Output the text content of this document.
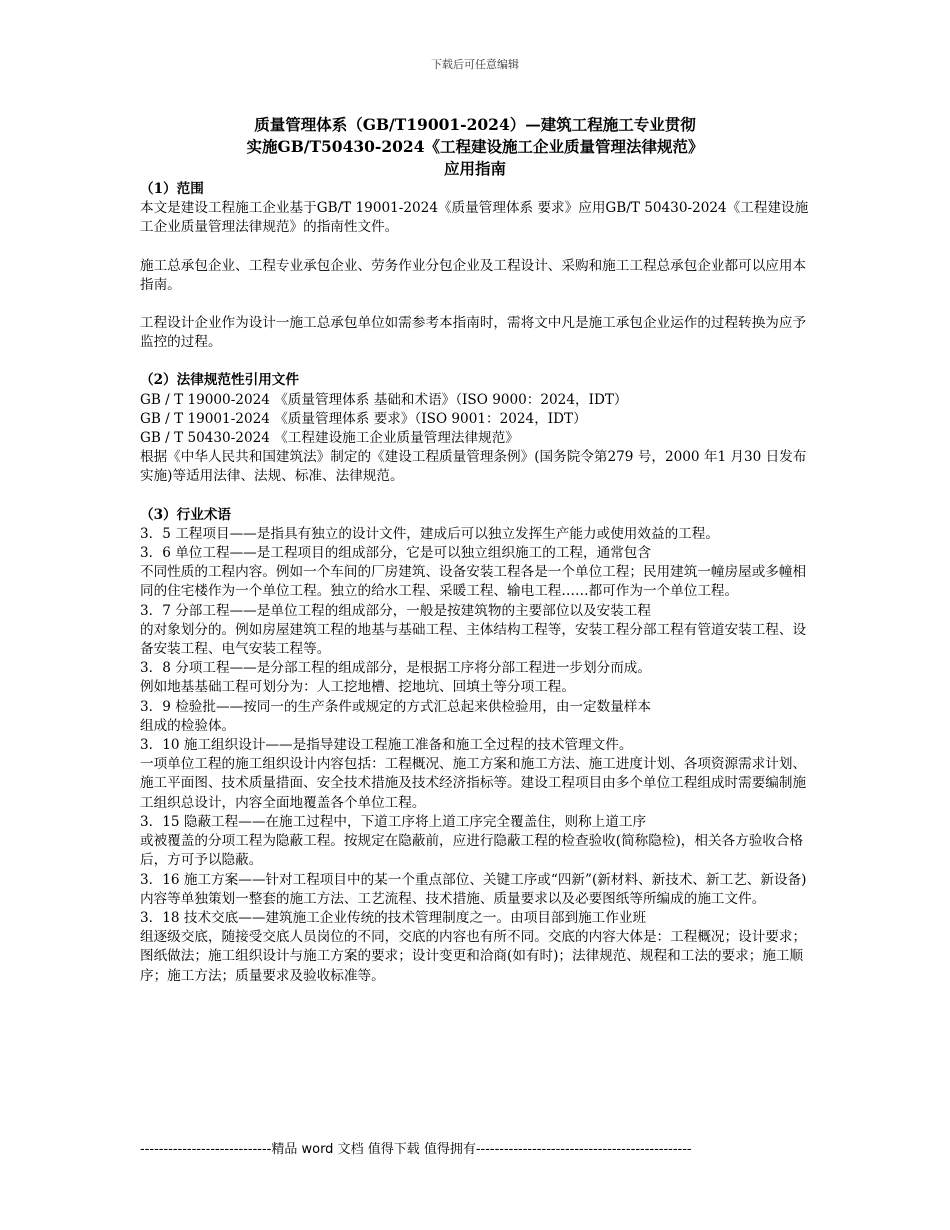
下载后可任意编辑
质量管理体系（GB/T19001-2024）—建筑工程施工专业贯彻
实施GB/T50430-2024《工程建设施工企业质量管理法律规范》
应用指南

（1）范围

本文是建设工程施工企业基于GB/T 19001-2024《质量管理体系 要求》应用GB/T 50430-2024《工程建设施工企业质量管理法律规范》的指南性文件。

施工总承包企业、工程专业承包企业、劳务作业分包企业及工程设计、采购和施工工程总承包企业都可以应用本指南。

工程设计企业作为设计一施工总承包单位如需参考本指南时，需将文中凡是施工承包企业运作的过程转换为应予监控的过程。

（2）法律规范性引用文件

GB / T 19000-2024 《质量管理体系 基础和术语》（ISO 9000：2024，IDT）

GB / T 19001-2024 《质量管理体系 要求》（ISO 9001：2024，IDT）

GB / T 50430-2024 《工程建设施工企业质量管理法律规范》

根据《中华人民共和国建筑法》制定的《建设工程质量管理条例》(国务院令第279 号，2000 年1 月30 日发布实施)等适用法律、法规、标准、法律规范。

（3）行业术语

3．5 工程项目——是指具有独立的设计文件，建成后可以独立发挥生产能力或使用效益的工程。

3．6 单位工程——是工程项目的组成部分，它是可以独立组织施工的工程，通常包含

不同性质的工程内容。例如一个车间的厂房建筑、设备安装工程各是一个单位工程；民用建筑一幢房屋或多幢相同的住宅楼作为一个单位工程。独立的给水工程、采暖工程、输电工程……都可作为一个单位工程。

3．7 分部工程——是单位工程的组成部分，一般是按建筑物的主要部位以及安装工程

的对象划分的。例如房屋建筑工程的地基与基础工程、主体结构工程等，安装工程分部工程有管道安装工程、设备安装工程、电气安装工程等。

3．8 分项工程——是分部工程的组成部分，是根据工序将分部工程进一步划分而成。

例如地基基础工程可划分为：人工挖地槽、挖地坑、回填土等分项工程。

3．9 检验批——按同一的生产条件或规定的方式汇总起来供检验用，由一定数量样本

组成的检验体。

3．10 施工组织设计——是指导建设工程施工准备和施工全过程的技术管理文件。

一项单位工程的施工组织设计内容包括：工程概况、施工方案和施工方法、施工进度计划、各项资源需求计划、施工平面图、技术质量措面、安全技术措施及技术经济指标等。建设工程项目由多个单位工程组成时需要编制施工组织总设计，内容全面地覆盖各个单位工程。

3．15 隐蔽工程——在施工过程中，下道工序将上道工序完全覆盖住，则称上道工序

或被覆盖的分项工程为隐蔽工程。按规定在隐蔽前，应进行隐蔽工程的检查验收(简称隐检)，相关各方验收合格后，方可予以隐蔽。

3．16 施工方案——针对工程项目中的某一个重点部位、关键工序或“四新”(新材料、新技术、新工艺、新设备)内容等单独策划一整套的施工方法、工艺流程、技术措施、质量要求以及必要图纸等所编成的施工文件。

3．18 技术交底——建筑施工企业传统的技术管理制度之一。由项目部到施工作业班

组逐级交底，随接受交底人员岗位的不同，交底的内容也有所不同。交底的内容大体是：工程概况；设计要求；图纸做法；施工组织设计与施工方案的要求；设计变更和洽商(如有时)；法律规范、规程和工法的要求；施工顺序；施工方法；质量要求及验收标准等。

----------------------------精品 word 文档 值得下载 值得拥有----------------------------------------------
